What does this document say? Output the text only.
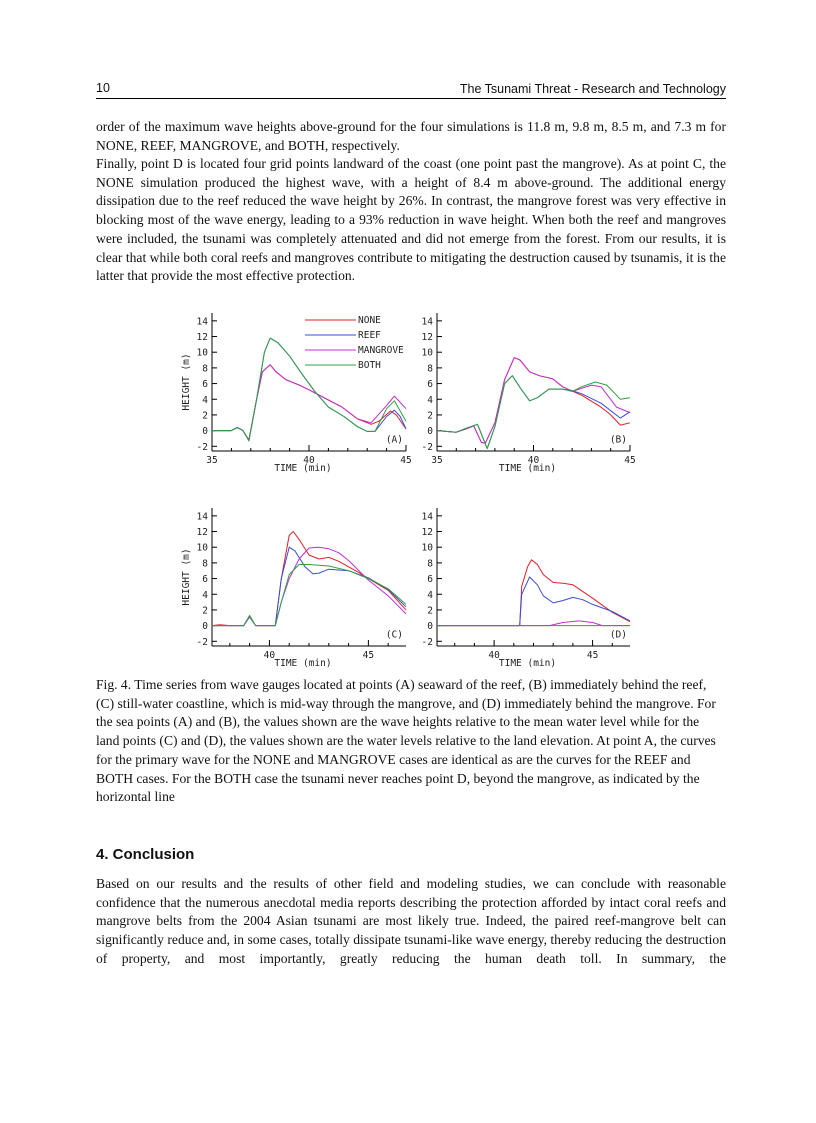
10	The Tsunami Threat - Research and Technology
order of the maximum wave heights above-ground for the four simulations is 11.8 m, 9.8 m, 8.5 m, and 7.3 m for NONE, REEF, MANGROVE, and BOTH, respectively.
Finally, point D is located four grid points landward of the coast (one point past the mangrove). As at point C, the NONE simulation produced the highest wave, with a height of 8.4 m above-ground. The additional energy dissipation due to the reef reduced the wave height by 26%. In contrast, the mangrove forest was very effective in blocking most of the wave energy, leading to a 93% reduction in wave height. When both the reef and mangroves were included, the tsunami was completely attenuated and did not emerge from the forest. From our results, it is clear that while both coral reefs and mangroves contribute to mitigating the destruction caused by tsunamis, it is the latter that provide the most effective protection.
-2
0
2
4
6
8
10
12
14
35	40	45
TIME (min)
HEIGHT (m)
(A)
NONE
REEF
MANGROVE
BOTH
-2
0
2
4
6
8
10
12
14
35	40	45
TIME (min)
(B)
-2
0
2
4
6
8
10
12
14
40	45
TIME (min)
HEIGHT (m)
(C)
-2
0
2
4
6
8
10
12
14
40	45
TIME (min)
(D)
Fig. 4. Time series from wave gauges located at points (A) seaward of the reef, (B) immediately behind the reef, (C) still-water coastline, which is mid-way through the mangrove, and (D) immediately behind the mangrove. For the sea points (A) and (B), the values shown are the wave heights relative to the mean water level while for the land points (C) and (D), the values shown are the water levels relative to the land elevation. At point A, the curves for the primary wave for the NONE and MANGROVE cases are identical as are the curves for the REEF and BOTH cases. For the BOTH case the tsunami never reaches point D, beyond the mangrove, as indicated by the horizontal line
4. Conclusion
Based on our results and the results of other field and modeling studies, we can conclude with reasonable confidence that the numerous anecdotal media reports describing the protection afforded by intact coral reefs and mangrove belts from the 2004 Asian tsunami are most likely true. Indeed, the paired reef-mangrove belt can significantly reduce and, in some cases, totally dissipate tsunami-like wave energy, thereby reducing the destruction of property, and most importantly, greatly reducing the human death toll. In summary, the
